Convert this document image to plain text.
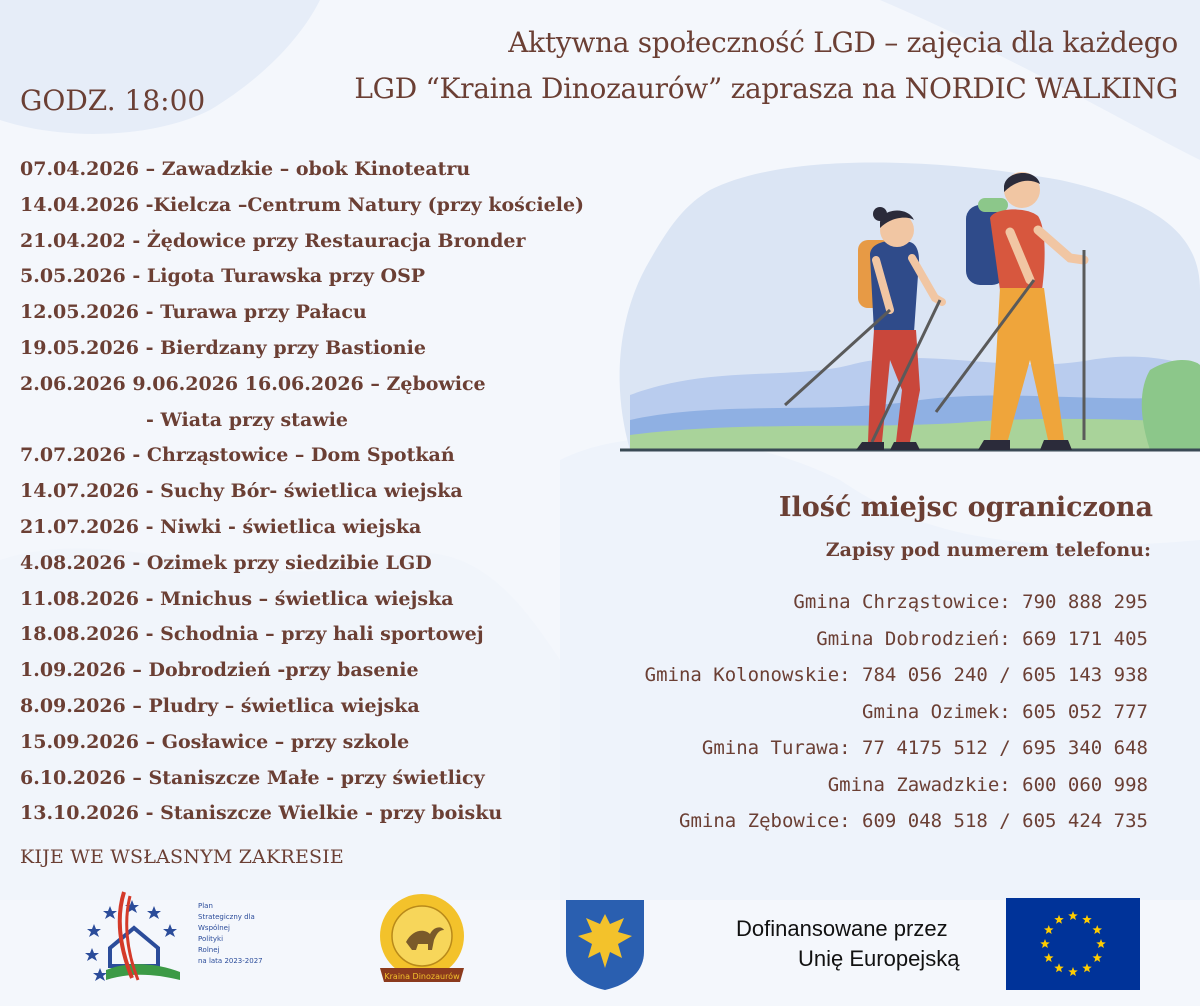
Aktywna społeczność LGD – zajęcia dla każdego
LGD “Kraina Dinozaurów” zaprasza na NORDIC WALKING
GODZ. 18:00
07.04.2026 – Zawadzkie – obok Kinoteatru
14.04.2026 -Kielcza –Centrum Natury (przy kościele)
21.04.202 - Żędowice przy Restauracja Bronder
5.05.2026 - Ligota Turawska przy OSP
12.05.2026 - Turawa przy Pałacu
19.05.2026 - Bierdzany przy Bastionie
2.06.2026 9.06.2026 16.06.2026 – Zębowice
- Wiata przy stawie
7.07.2026 - Chrząstowice – Dom Spotkań
14.07.2026 - Suchy Bór- świetlica wiejska
21.07.2026 - Niwki - świetlica wiejska
4.08.2026 - Ozimek przy siedzibie LGD
11.08.2026 - Mnichus – świetlica wiejska
18.08.2026 - Schodnia – przy hali sportowej
1.09.2026 – Dobrodzień -przy basenie
8.09.2026 – Pludry – świetlica wiejska
15.09.2026 – Gosławice – przy szkole
6.10.2026 – Staniszcze Małe - przy świetlicy
13.10.2026 - Staniszcze Wielkie - przy boisku
KIJE WE WSŁASNYM ZAKRESIE
Ilość miejsc ograniczona
Zapisy pod numerem telefonu:
Gmina Chrząstowice: 790 888 295
Gmina Dobrodzień: 669 171 405
Gmina Kolonowskie: 784 056 240 / 605 143 938
Gmina Ozimek: 605 052 777
Gmina Turawa: 77 4175 512 / 695 340 648
Gmina Zawadzkie: 600 060 998
Gmina Zębowice: 609 048 518 / 605 424 735
Plan
Strategiczny dla
Wspólnej
Polityki
Rolnej
na lata 2023-2027
Kraina Dinozaurów
Dofinansowane przez
Unię Europejską
